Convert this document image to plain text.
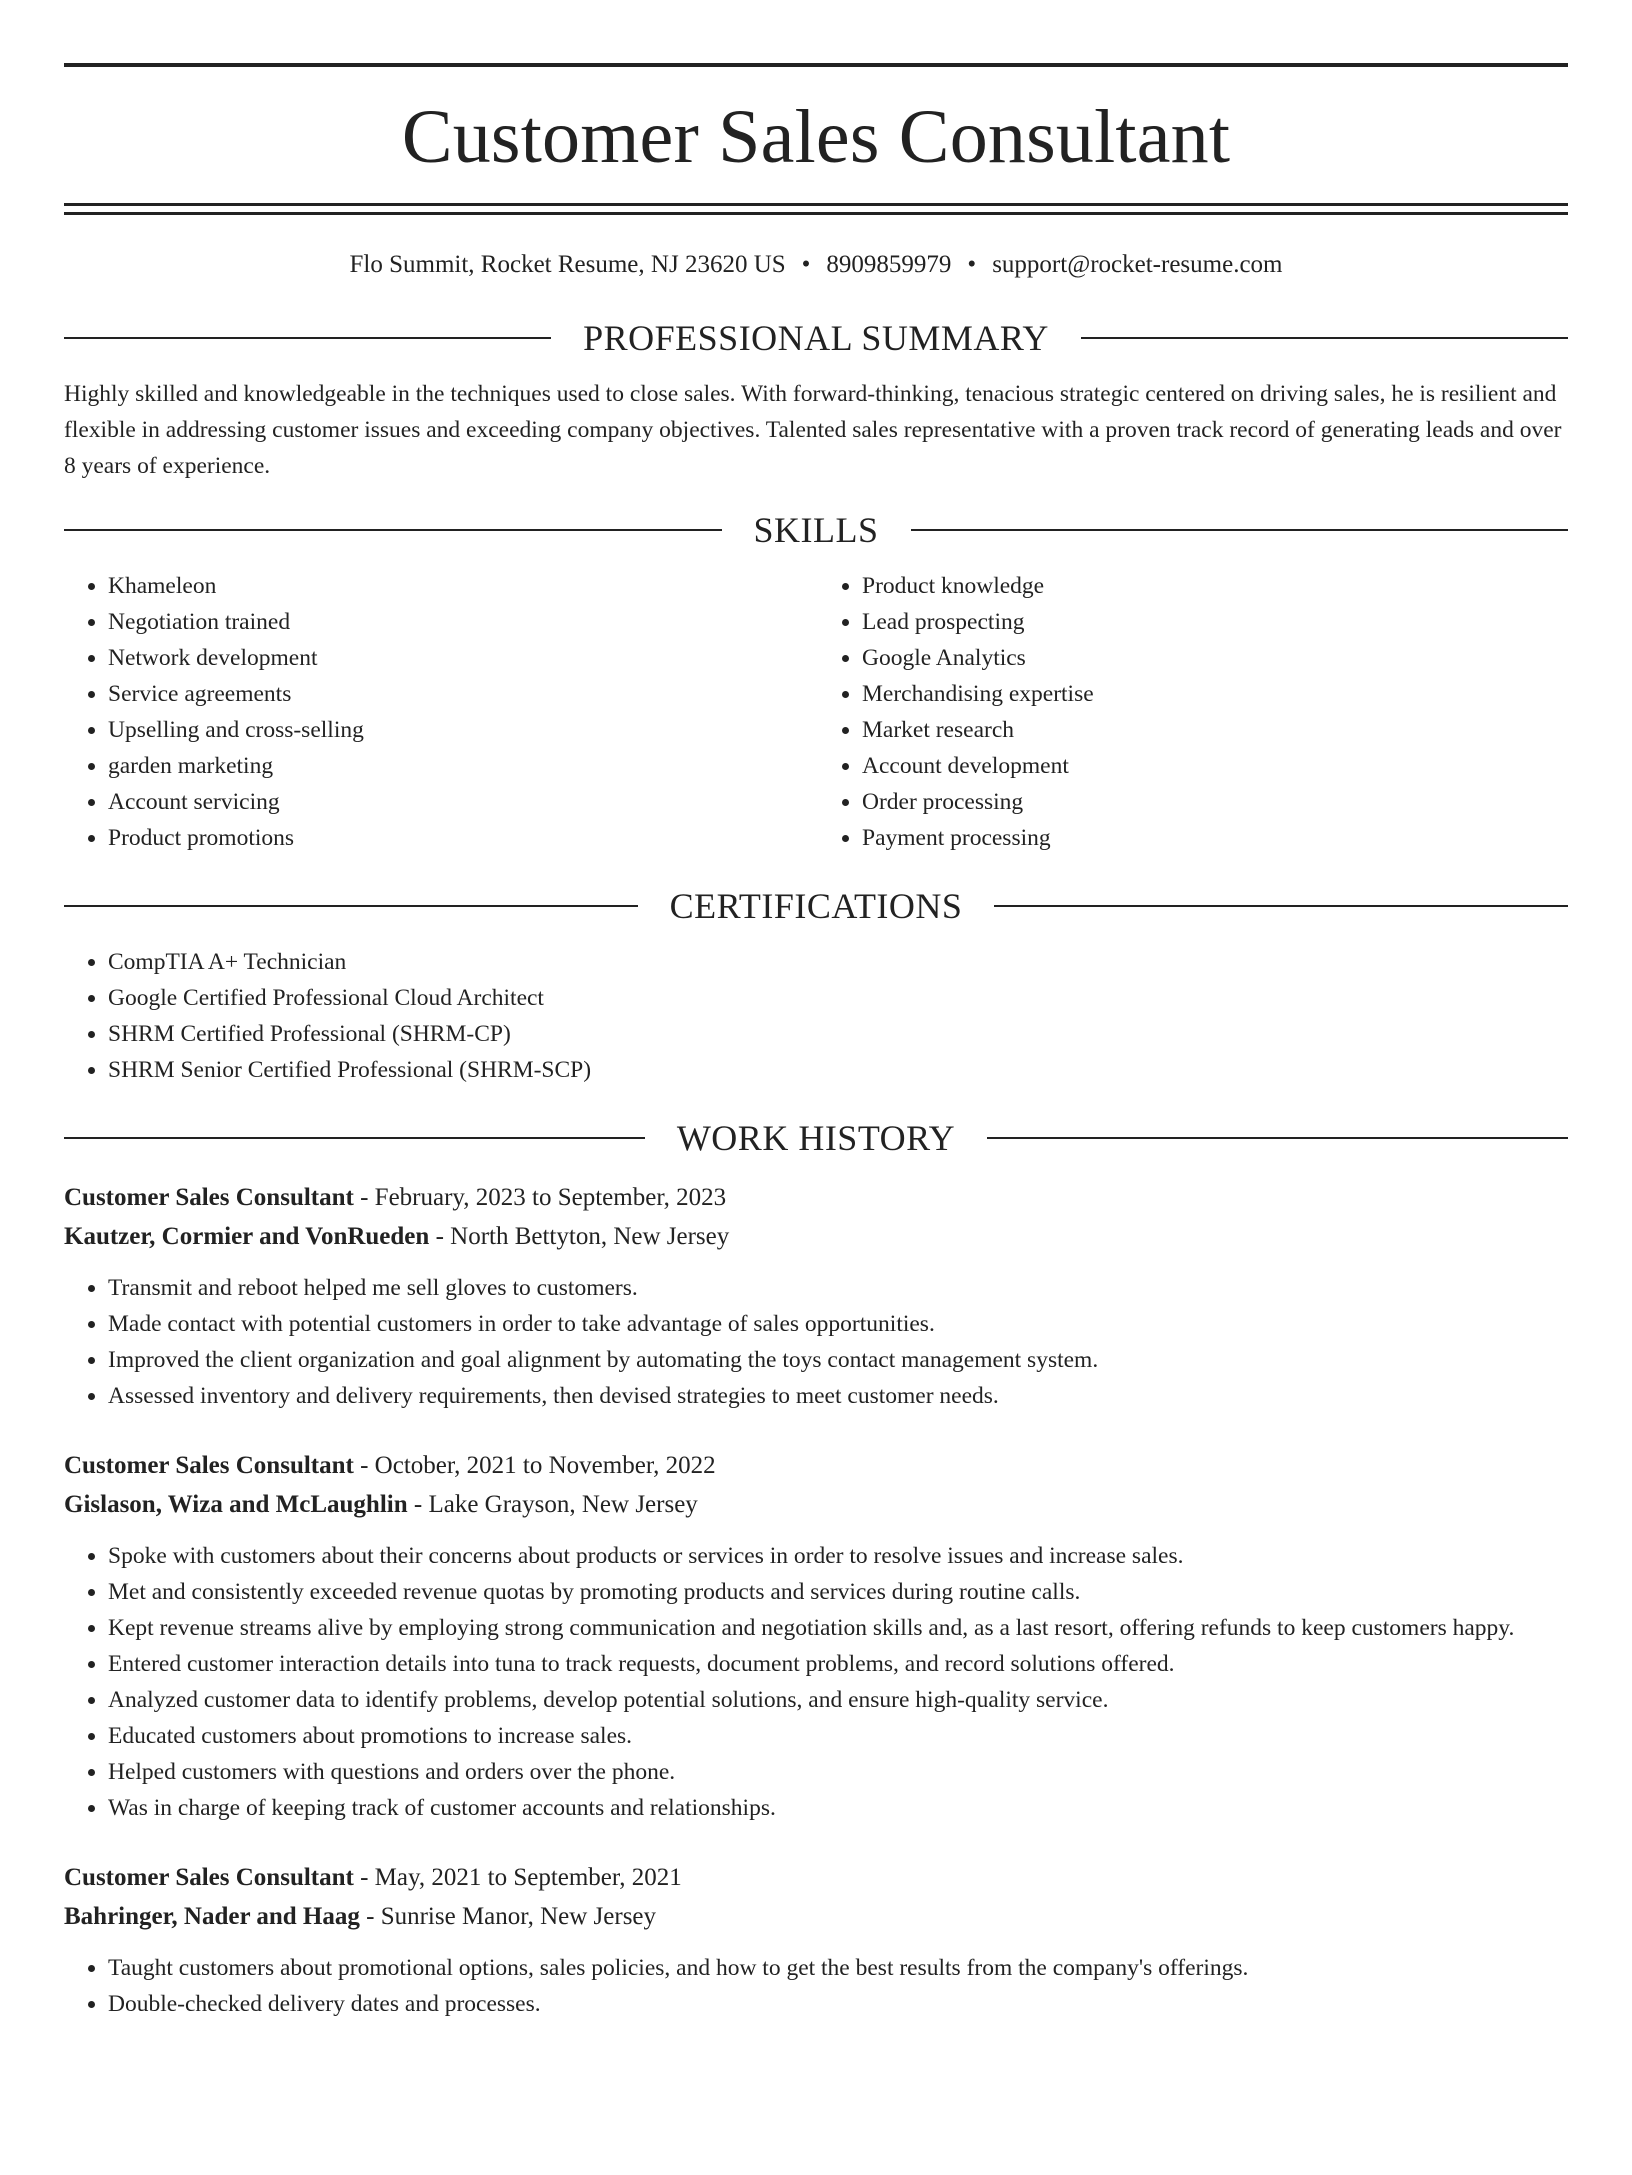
Customer Sales Consultant
Flo Summit, Rocket Resume, NJ 23620 US • 8909859979 • support@rocket-resume.com
PROFESSIONAL SUMMARY

Highly skilled and knowledgeable in the techniques used to close sales. With forward-thinking, tenacious strategic centered on driving sales, he is resilient and flexible in addressing customer issues and exceeding company objectives. Talented sales representative with a proven track record of generating leads and over 8 years of experience.

SKILLS
• Khameleon
• Negotiation trained
• Network development
• Service agreements
• Upselling and cross-selling
• garden marketing
• Account servicing
• Product promotions
• Product knowledge
• Lead prospecting
• Google Analytics
• Merchandising expertise
• Market research
• Account development
• Order processing
• Payment processing
CERTIFICATIONS
• CompTIA A+ Technician
• Google Certified Professional Cloud Architect
• SHRM Certified Professional (SHRM-CP)
• SHRM Senior Certified Professional (SHRM-SCP)
WORK HISTORY
Customer Sales Consultant - February, 2023 to September, 2023
Kautzer, Cormier and VonRueden - North Bettyton, New Jersey
• Transmit and reboot helped me sell gloves to customers.
• Made contact with potential customers in order to take advantage of sales opportunities.
• Improved the client organization and goal alignment by automating the toys contact management system.
• Assessed inventory and delivery requirements, then devised strategies to meet customer needs.
Customer Sales Consultant - October, 2021 to November, 2022
Gislason, Wiza and McLaughlin - Lake Grayson, New Jersey
• Spoke with customers about their concerns about products or services in order to resolve issues and increase sales.
• Met and consistently exceeded revenue quotas by promoting products and services during routine calls.
• Kept revenue streams alive by employing strong communication and negotiation skills and, as a last resort, offering refunds to keep customers happy.
• Entered customer interaction details into tuna to track requests, document problems, and record solutions offered.
• Analyzed customer data to identify problems, develop potential solutions, and ensure high-quality service.
• Educated customers about promotions to increase sales.
• Helped customers with questions and orders over the phone.
• Was in charge of keeping track of customer accounts and relationships.
Customer Sales Consultant - May, 2021 to September, 2021
Bahringer, Nader and Haag - Sunrise Manor, New Jersey
• Taught customers about promotional options, sales policies, and how to get the best results from the company's offerings.
• Double-checked delivery dates and processes.
